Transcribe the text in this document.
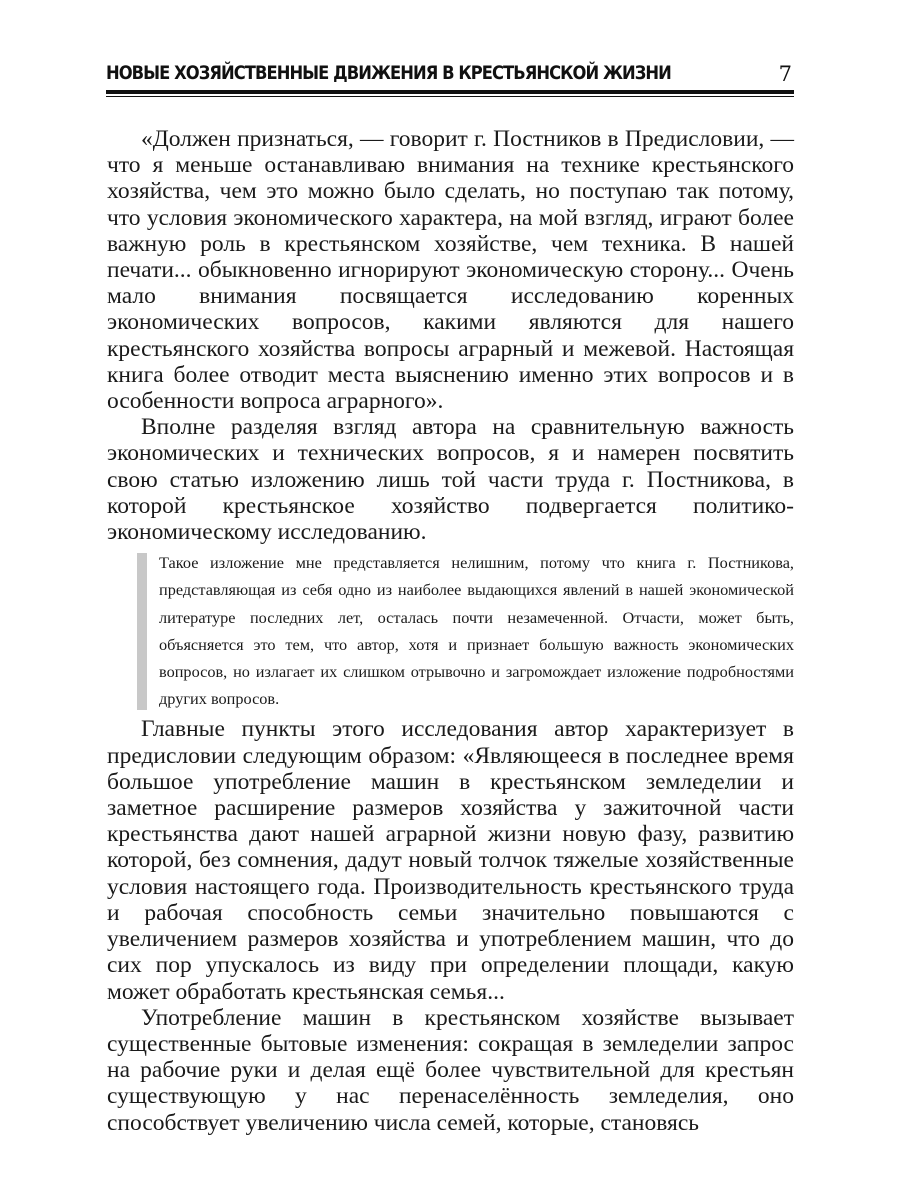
НОВЫЕ ХОЗЯЙСТВЕННЫЕ ДВИЖЕНИЯ В КРЕСТЬЯНСКОЙ ЖИЗНИ	7

«Должен признаться, — говорит г. Постников в Предисловии, — что я меньше останавливаю внимания на технике крестьянского хозяйства, чем это можно было сделать, но поступаю так потому, что условия экономического характера, на мой взгляд, играют более важную роль в крестьянском хозяйстве, чем техника. В нашей печати... обыкновенно игнорируют экономическую сторону... Очень мало внимания посвящается исследованию коренных экономических вопросов, какими являются для нашего крестьянского хозяйства вопросы аграрный и межевой. Настоящая книга более отводит места выяснению именно этих вопросов и в особенности вопроса аграрного».

Вполне разделяя взгляд автора на сравнительную важность экономических и технических вопросов, я и намерен посвятить свою статью изложению лишь той части труда г. Постникова, в которой крестьянское хозяйство подвергается политико-экономическому исследованию.

Такое изложение мне представляется нелишним, потому что книга г. Постникова, представляющая из себя одно из наиболее выдающихся явлений в нашей экономической литературе последних лет, осталась почти незамеченной. Отчасти, может быть, объясняется это тем, что автор, хотя и признает большую важность экономических вопросов, но излагает их слишком отрывочно и загромождает изложение подробностями других вопросов.

Главные пункты этого исследования автор характеризует в предисловии следующим образом: «Являющееся в последнее время большое употребление машин в крестьянском земледелии и заметное расширение размеров хозяйства у зажиточной части крестьянства дают нашей аграрной жизни новую фазу, развитию которой, без сомнения, дадут новый толчок тяжелые хозяйственные условия настоящего года. Производительность крестьянского труда и рабочая способность семьи значительно повышаются с увеличением размеров хозяйства и употреблением машин, что до сих пор упускалось из виду при определении площади, какую может обработать крестьянская семья...

Употребление машин в крестьянском хозяйстве вызывает существенные бытовые изменения: сокращая в земледелии запрос на рабочие руки и делая ещё более чувствительной для крестьян существующую у нас перенаселённость земледелия, оно способствует увеличению числа семей, которые, становясь
